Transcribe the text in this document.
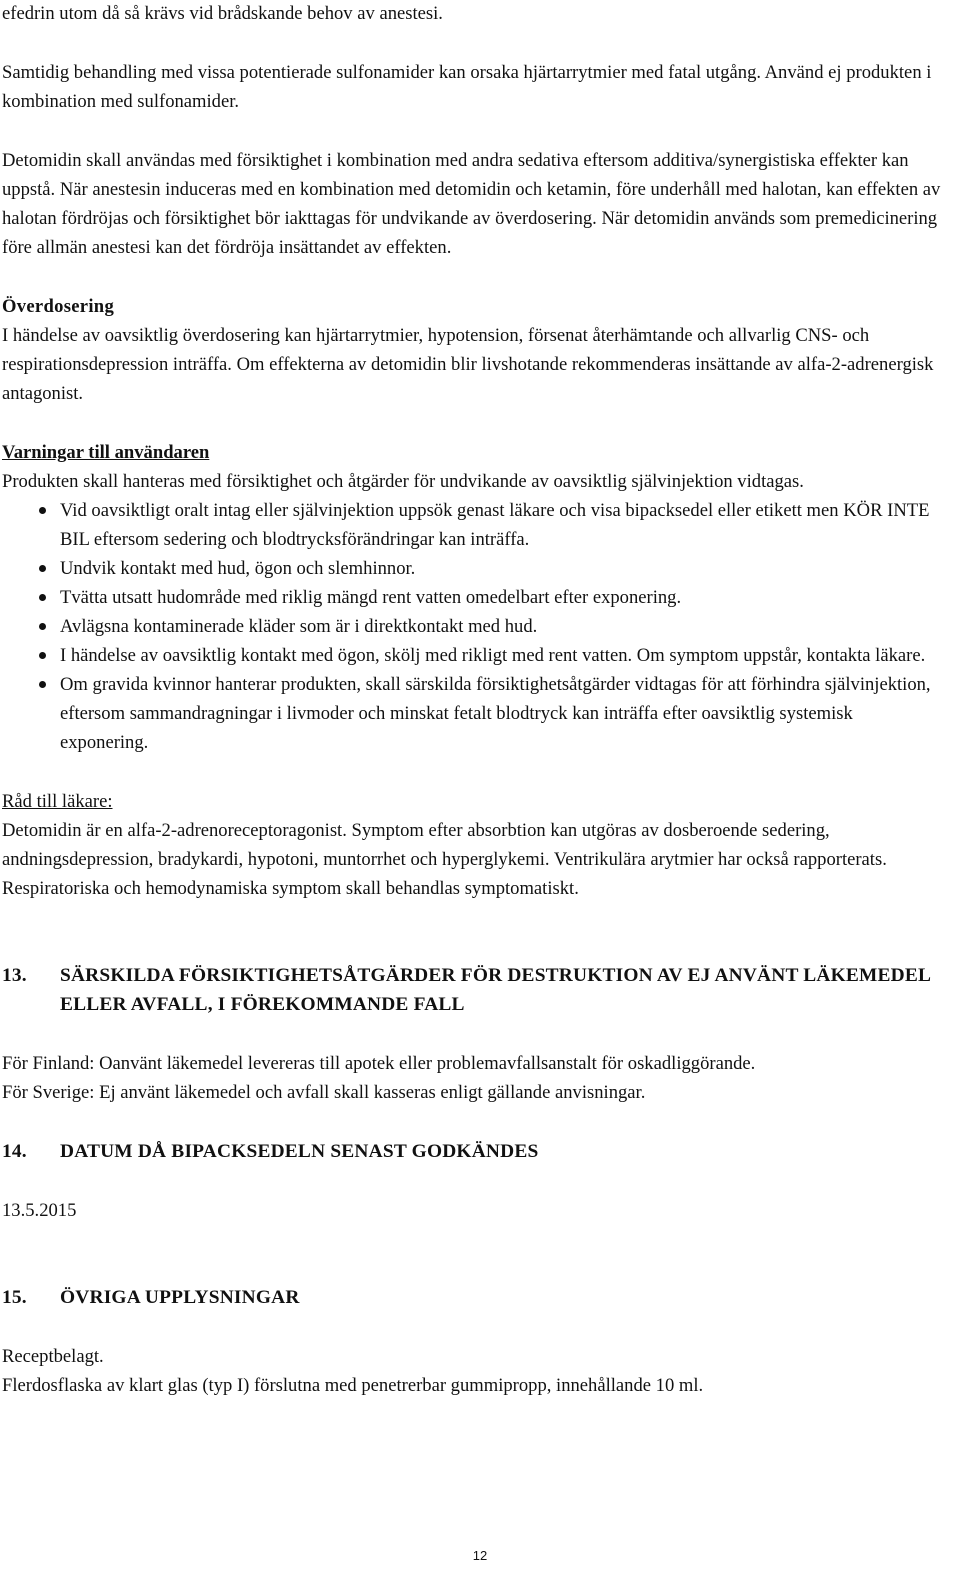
efedrin utom då så krävs vid brådskande behov av anestesi.

Samtidig behandling med vissa potentierade sulfonamider kan orsaka hjärtarrytmier med fatal utgång. Använd ej produkten i kombination med sulfonamider.

Detomidin skall användas med försiktighet i kombination med andra sedativa eftersom additiva/synergistiska effekter kan uppstå. När anestesin induceras med en kombination med detomidin och ketamin, före underhåll med halotan, kan effekten av halotan fördröjas och försiktighet bör iakttagas för undvikande av överdosering. När detomidin används som premedicinering före allmän anestesi kan det fördröja insättandet av effekten.

Överdosering

I händelse av oavsiktlig överdosering kan hjärtarrytmier, hypotension, försenat återhämtande och allvarlig CNS- och respirationsdepression inträffa. Om effekterna av detomidin blir livshotande rekommenderas insättande av alfa-2-adrenergisk antagonist.

Varningar till användaren

Produkten skall hanteras med försiktighet och åtgärder för undvikande av oavsiktlig självinjektion vidtagas.

Vid oavsiktligt oralt intag eller självinjektion uppsök genast läkare och visa bipacksedel eller etikett men KÖR INTE BIL eftersom sedering och blodtrycksförändringar kan inträffa.
Undvik kontakt med hud, ögon och slemhinnor.
Tvätta utsatt hudområde med riklig mängd rent vatten omedelbart efter exponering.
Avlägsna kontaminerade kläder som är i direktkontakt med hud.
I händelse av oavsiktlig kontakt med ögon, skölj med rikligt med rent vatten. Om symptom uppstår, kontakta läkare.
Om gravida kvinnor hanterar produkten, skall särskilda försiktighetsåtgärder vidtagas för att förhindra självinjektion, eftersom sammandragningar i livmoder och minskat fetalt blodtryck kan inträffa efter oavsiktlig systemisk exponering.

Råd till läkare:

Detomidin är en alfa-2-adrenoreceptoragonist. Symptom efter absorbtion kan utgöras av dosberoende sedering, andningsdepression, bradykardi, hypotoni, muntorrhet och hyperglykemi. Ventrikulära arytmier har också rapporterats. Respiratoriska och hemodynamiska symptom skall behandlas symptomatiskt.

13.	SÄRSKILDA FÖRSIKTIGHETSÅTGÄRDER FÖR DESTRUKTION AV EJ ANVÄNT LÄKEMEDEL ELLER AVFALL, I FÖREKOMMANDE FALL

För Finland: Oanvänt läkemedel levereras till apotek eller problemavfallsanstalt för oskadliggörande.

För Sverige: Ej använt läkemedel och avfall skall kasseras enligt gällande anvisningar.

14.	DATUM DÅ BIPACKSEDELN SENAST GODKÄNDES

13.5.2015

15.	ÖVRIGA UPPLYSNINGAR

Receptbelagt.

Flerdosflaska av klart glas (typ I) förslutna med penetrerbar gummipropp, innehållande 10 ml.

12
